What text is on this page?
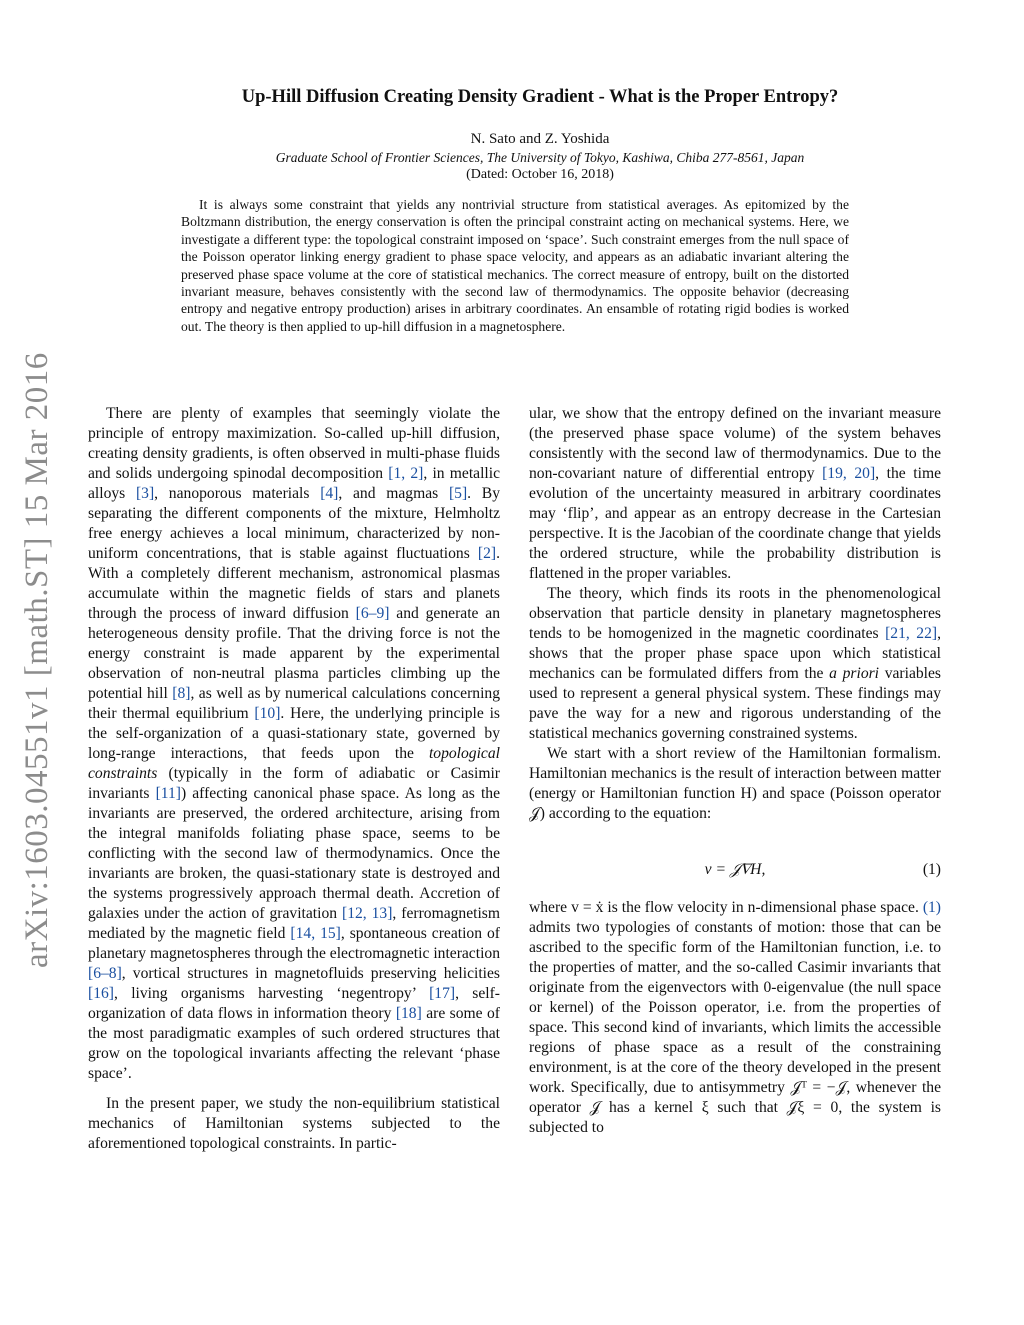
arXiv:1603.04551v1 [math.ST] 15 Mar 2016
Up-Hill Diffusion Creating Density Gradient - What is the Proper Entropy?
N. Sato and Z. Yoshida
Graduate School of Frontier Sciences, The University of Tokyo, Kashiwa, Chiba 277-8561, Japan
(Dated: October 16, 2018)
It is always some constraint that yields any nontrivial structure from statistical averages. As epitomized by the Boltzmann distribution, the energy conservation is often the principal constraint acting on mechanical systems. Here, we investigate a different type: the topological constraint imposed on ‘space’. Such constraint emerges from the null space of the Poisson operator linking energy gradient to phase space velocity, and appears as an adiabatic invariant altering the preserved phase space volume at the core of statistical mechanics. The correct measure of entropy, built on the distorted invariant measure, behaves consistently with the second law of thermodynamics. The opposite behavior (decreasing entropy and negative entropy production) arises in arbitrary coordinates. An ensamble of rotating rigid bodies is worked out. The theory is then applied to up-hill diffusion in a magnetosphere.

There are plenty of examples that seemingly violate the principle of entropy maximization. So-called up-hill diffusion, creating density gradients, is often observed in multi-phase fluids and solids undergoing spinodal decomposition [1, 2], in metallic alloys [3], nanoporous materials [4], and magmas [5]. By separating the different components of the mixture, Helmholtz free energy achieves a local minimum, characterized by non-uniform concentrations, that is stable against fluctuations [2]. With a completely different mechanism, astronomical plasmas accumulate within the magnetic fields of stars and planets through the process of inward diffusion [6–9] and generate an heterogeneous density profile. That the driving force is not the energy constraint is made apparent by the experimental observation of non-neutral plasma particles climbing up the potential hill [8], as well as by numerical calculations concerning their thermal equilibrium [10]. Here, the underlying principle is the self-organization of a quasi-stationary state, governed by long-range interactions, that feeds upon the topological constraints (typically in the form of adiabatic or Casimir invariants [11]) affecting canonical phase space. As long as the invariants are preserved, the ordered architecture, arising from the integral manifolds foliating phase space, seems to be conflicting with the second law of thermodynamics. Once the invariants are broken, the quasi-stationary state is destroyed and the systems progressively approach thermal death. Accretion of galaxies under the action of gravitation [12, 13], ferromagnetism mediated by the magnetic field [14, 15], spontaneous creation of planetary magnetospheres through the electromagnetic interaction [6–8], vortical structures in magnetofluids preserving helicities [16], living organisms harvesting ‘negentropy’ [17], self-organization of data flows in information theory [18] are some of the most paradigmatic examples of such ordered structures that grow on the topological invariants affecting the relevant ‘phase space’.

In the present paper, we study the non-equilibrium statistical mechanics of Hamiltonian systems subjected to the aforementioned topological constraints. In partic-

ular, we show that the entropy defined on the invariant measure (the preserved phase space volume) of the system behaves consistently with the second law of thermodynamics. Due to the non-covariant nature of differential entropy [19, 20], the time evolution of the uncertainty measured in arbitrary coordinates may ‘flip’, and appear as an entropy decrease in the Cartesian perspective. It is the Jacobian of the coordinate change that yields the ordered structure, while the probability distribution is flattened in the proper variables.

The theory, which finds its roots in the phenomenological observation that particle density in planetary magnetospheres tends to be homogenized in the magnetic coordinates [21, 22], shows that the proper phase space upon which statistical mechanics can be formulated differs from the a priori variables used to represent a general physical system. These findings may pave the way for a new and rigorous understanding of the statistical mechanics governing constrained systems.

We start with a short review of the Hamiltonian formalism. Hamiltonian mechanics is the result of interaction between matter (energy or Hamiltonian function H) and space (Poisson operator 𝒥) according to the equation:

v = 𝒥∇H,	(1)

where v = ẋ is the flow velocity in n-dimensional phase space. (1) admits two typologies of constants of motion: those that can be ascribed to the specific form of the Hamiltonian function, i.e. to the properties of matter, and the so-called Casimir invariants that originate from the eigenvectors with 0-eigenvalue (the null space or kernel) of the Poisson operator, i.e. from the properties of space. This second kind of invariants, which limits the accessible regions of phase space as a result of the constraining environment, is at the core of the theory developed in the present work. Specifically, due to antisymmetry 𝒥ᵀ = −𝒥, whenever the operator 𝒥 has a kernel ξ such that 𝒥ξ = 0, the system is subjected to
